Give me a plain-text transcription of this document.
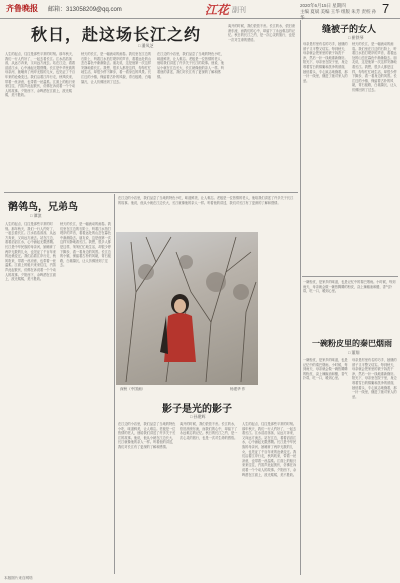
齐鲁晚报 邮箱：313058209@qq.com	江花 副刊
2020年6月15日 星期四
主编 夏斌 美编 王华 组版 朱芳 责校 孙华
7
秋日，赴这场长江之约
□ 潘凤芝
人生的起点，往往是那些平常的时刻。那年秋天，我们一行人约好了，一起去看长江。江水浩浩荡荡，从远方奔来，又向远方流去。站在江边，看着滔滔江水，心中涌起无限感慨。长江是中华民族的母亲河，她哺育了两岸无数的儿女，也见证了千百年来的沧桑变迁。我们沿着江岸行走，秋风吹来，带着一丝凉意，也带着一丝温柔。江面上的船只来来往往，汽笛声此起彼伏，仿佛在诉说着一个个动人的故事。夕阳西下，余晖洒在江面上，波光粼粼，美不胜收。
秋天的长江，是一幅流动的画卷。我们坐在江边的石阶上，听着江水拍打堤岸的声音，看着远处的山峦在暮色中渐渐隐去。朋友说，这是他第一次这样安静地看长江。我想，很多人都是这样，匆匆忙忙地生活，却很少停下脚步，看一看身边的风景。长江边的小镇，保留着古朴的风貌，青石板路，白墙黛瓦，让人仿佛回到了过去。
在江边的小店里，我们品尝了当地的特色小吃，味道鲜美，让人难忘。老板是一位热情的老人，他给我们讲述了许多关于长江的故事。他说，他从小就在江边长大，长江就像他的亲人一样。听着他的讲述，我们对长江有了更深的了解和感情。
离开的时候，我们依依不舍。长江的水，依旧滚滚东流，而我们的心中，却留下了永远难忘的记忆。秋日的长江之约，是一次心灵的旅行，也是一次对生命的感悟。
鹡鸰鸟，兄弟鸟
□ 谭滨
人生的起点，往往是那些平常的时刻。那年秋天，我们一行人约好了，一起去看长江。江水浩浩荡荡，从远方奔来，又向远方流去。站在江边，看着滔滔江水，心中涌起无限感慨。长江是中华民族的母亲河，她哺育了两岸无数的儿女，也见证了千百年来的沧桑变迁。我们沿着江岸行走，秋风吹来，带着一丝凉意，也带着一丝温柔。江面上的船只来来往往，汽笛声此起彼伏，仿佛在诉说着一个个动人的故事。夕阳西下，余晖洒在江面上，波光粼粼，美不胜收。
秋天的长江，是一幅流动的画卷。我们坐在江边的石阶上，听着江水拍打堤岸的声音，看着远处的山峦在暮色中渐渐隐去。朋友说，这是他第一次这样安静地看长江。我想，很多人都是这样，匆匆忙忙地生活，却很少停下脚步，看一看身边的风景。长江边的小镇，保留着古朴的风貌，青石板路，白墙黛瓦，让人仿佛回到了过去。
在江边的小店里，我们品尝了当地的特色小吃，味道鲜美，让人难忘。老板是一位热情的老人，他给我们讲述了许多关于长江的故事。他说，他从小就在江边长大，长江就像他的亲人一样。听着他的讲述，我们对长江有了更深的了解和感情。
深秋（中国画）	杨建华 作
影子是光的影子
□ 孙建辉
在江边的小店里，我们品尝了当地的特色小吃，味道鲜美，让人难忘。老板是一位热情的老人，他给我们讲述了许多关于长江的故事。他说，他从小就在江边长大，长江就像他的亲人一样。听着他的讲述，我们对长江有了更深的了解和感情。
离开的时候，我们依依不舍。长江的水，依旧滚滚东流，而我们的心中，却留下了永远难忘的记忆。秋日的长江之约，是一次心灵的旅行，也是一次对生命的感悟。
人生的起点，往往是那些平常的时刻。那年秋天，我们一行人约好了，一起去看长江。江水浩浩荡荡，从远方奔来，又向远方流去。站在江边，看着滔滔江水，心中涌起无限感慨。长江是中华民族的母亲河，她哺育了两岸无数的儿女，也见证了千百年来的沧桑变迁。我们沿着江岸行走，秋风吹来，带着一丝凉意，也带着一丝温柔。江面上的船只来来往往，汽笛声此起彼伏，仿佛在诉说着一个个动人的故事。夕阳西下，余晖洒在江面上，波光粼粼，美不胜收。
缝被子的女人
□ 崔铁琴
母亲是村里有名的巧手，她缝的被子又平整又结实。每到秋天，母亲就会把家里的被子拆洗干净，然后一针一线地重新缝好。阳光下，母亲坐在院子里，身边堆着雪白的棉絮和洗净的被面，她低着头，专心致志地缝着，那一针一线里，缝进了她对家人的爱。
秋天的长江，是一幅流动的画卷。我们坐在江边的石阶上，听着江水拍打堤岸的声音，看着远处的山峦在暮色中渐渐隐去。朋友说，这是他第一次这样安静地看长江。我想，很多人都是这样，匆匆忙忙地生活，却很少停下脚步，看一看身边的风景。长江边的小镇，保留着古朴的风貌，青石板路，白墙黛瓦，让人仿佛回到了过去。
一碗粉皮里的秦巴烟雨
□ 董翔
一碗粉皮，是家乡的味道，也是记忆中的秦巴烟雨。小时候，每到雨天，母亲就会做一碗热腾腾的粉皮，浇上辣椒油和醋，香气扑鼻，吃一口，暖到心里。
一碗粉皮，是家乡的味道，也是记忆中的秦巴烟雨。小时候，每到雨天，母亲就会做一碗热腾腾的粉皮，浇上辣椒油和醋，香气扑鼻，吃一口，暖到心里。
母亲是村里有名的巧手，她缝的被子又平整又结实。每到秋天，母亲就会把家里的被子拆洗干净，然后一针一线地重新缝好。阳光下，母亲坐在院子里，身边堆着雪白的棉絮和洗净的被面，她低着头，专心致志地缝着，那一针一线里，缝进了她对家人的爱。
本版图片来自网络
